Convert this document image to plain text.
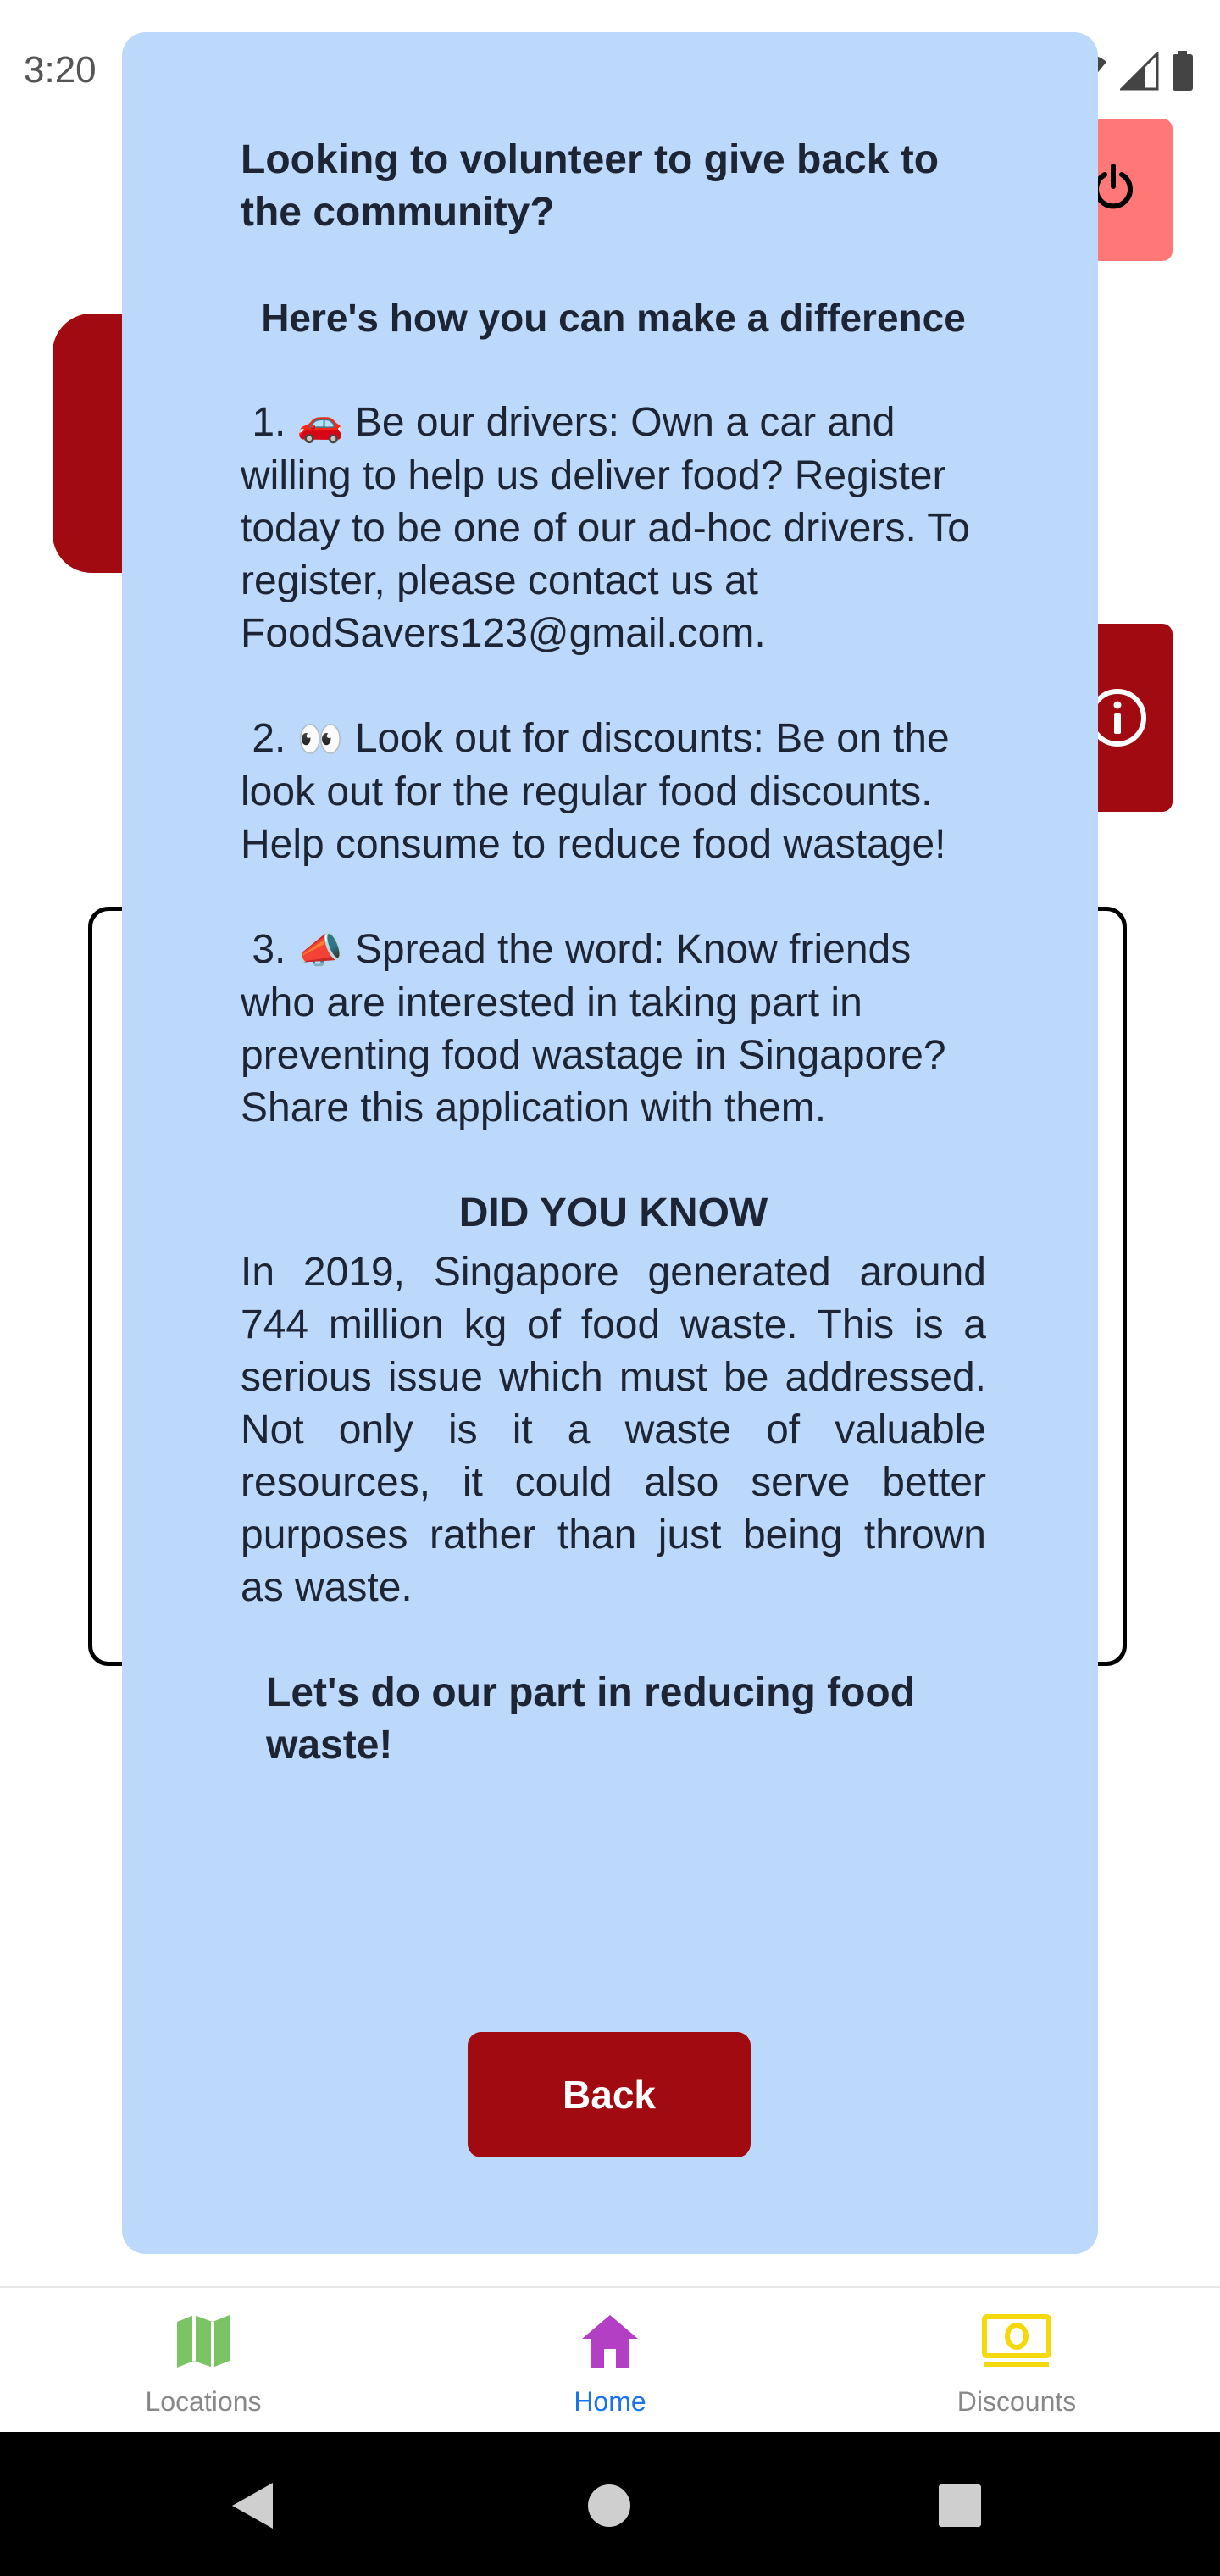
3:20

Looking to volunteer to give back to the community?

Here's how you can make a difference

1. 🚗 Be our drivers: Own a car and willing to help us deliver food? Register today to be one of our ad-hoc drivers. To register, please contact us at FoodSavers123@gmail.com.

2. 👀 Look out for discounts: Be on the look out for the regular food discounts. Help consume to reduce food wastage!

3. 📣 Spread the word: Know friends who are interested in taking part in preventing food wastage in Singapore? Share this application with them.

DID YOU KNOW

In 2019, Singapore generated around 744 million kg of food waste. This is a serious issue which must be addressed. Not only is it a waste of valuable resources, it could also serve better purposes rather than just being thrown as waste.

Let's do our part in reducing food waste!

Back
Locations	Home	Discounts
